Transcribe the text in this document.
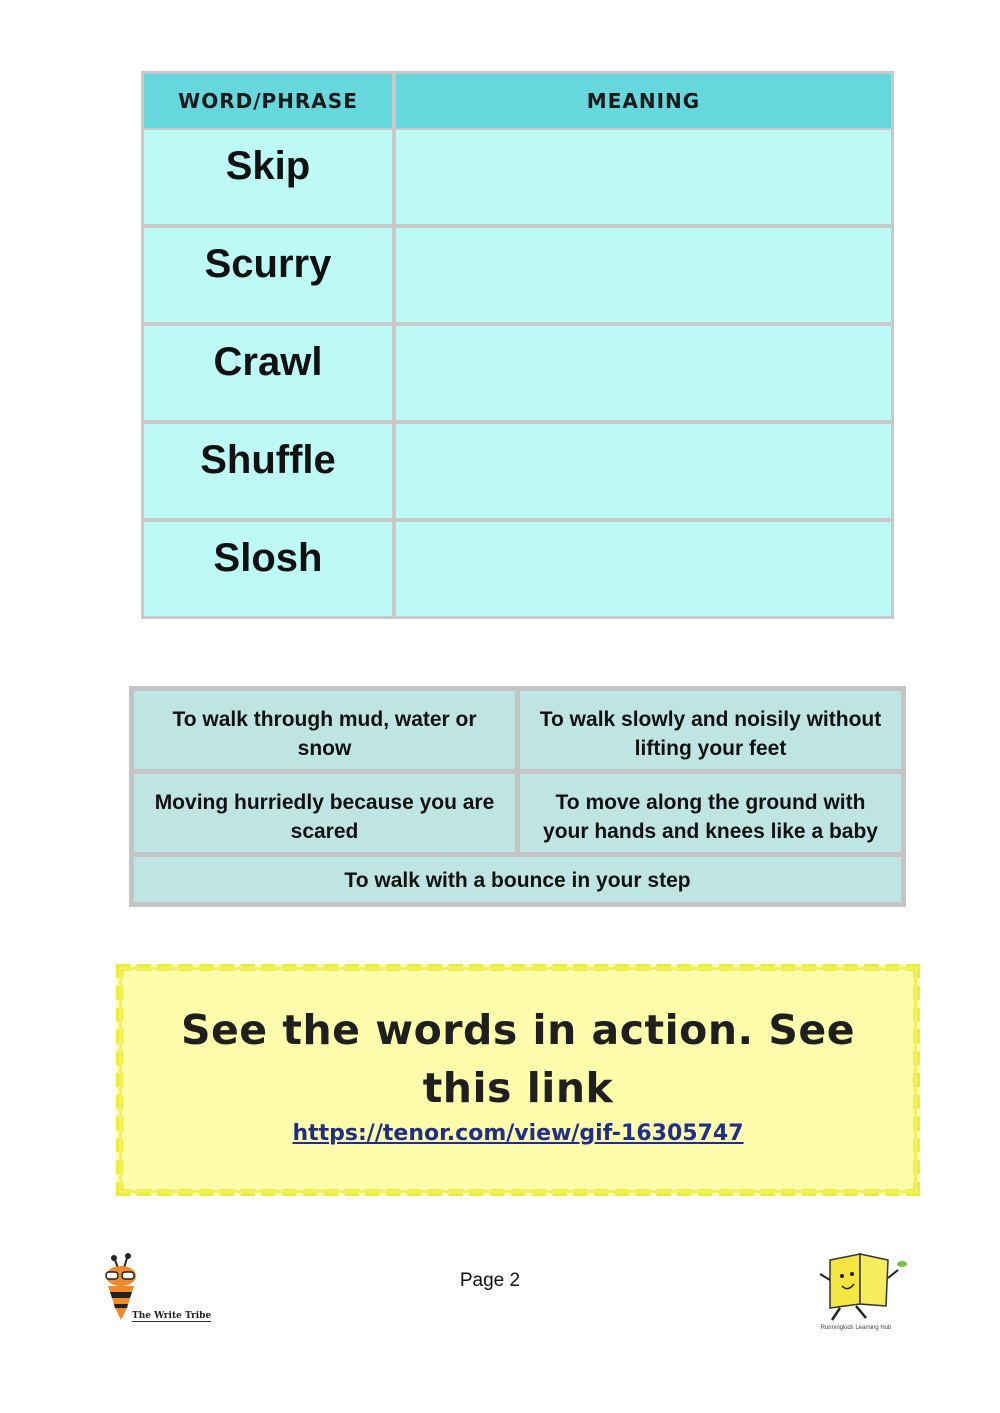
WORD/PHRASE	MEANING

Skip	

Scurry	

Crawl	

Shuffle	

Slosh	

To walk through mud, water or snow	To walk slowly and noisily without lifting your feet
Moving hurriedly because you are scared	To move along the ground with your hands and knees like a baby
To walk with a bounce in your step	
See the words in action. See this link
https://tenor.com/view/gif-16305747
The Write Tribe
Page 2
Runningkids Learning Hub
